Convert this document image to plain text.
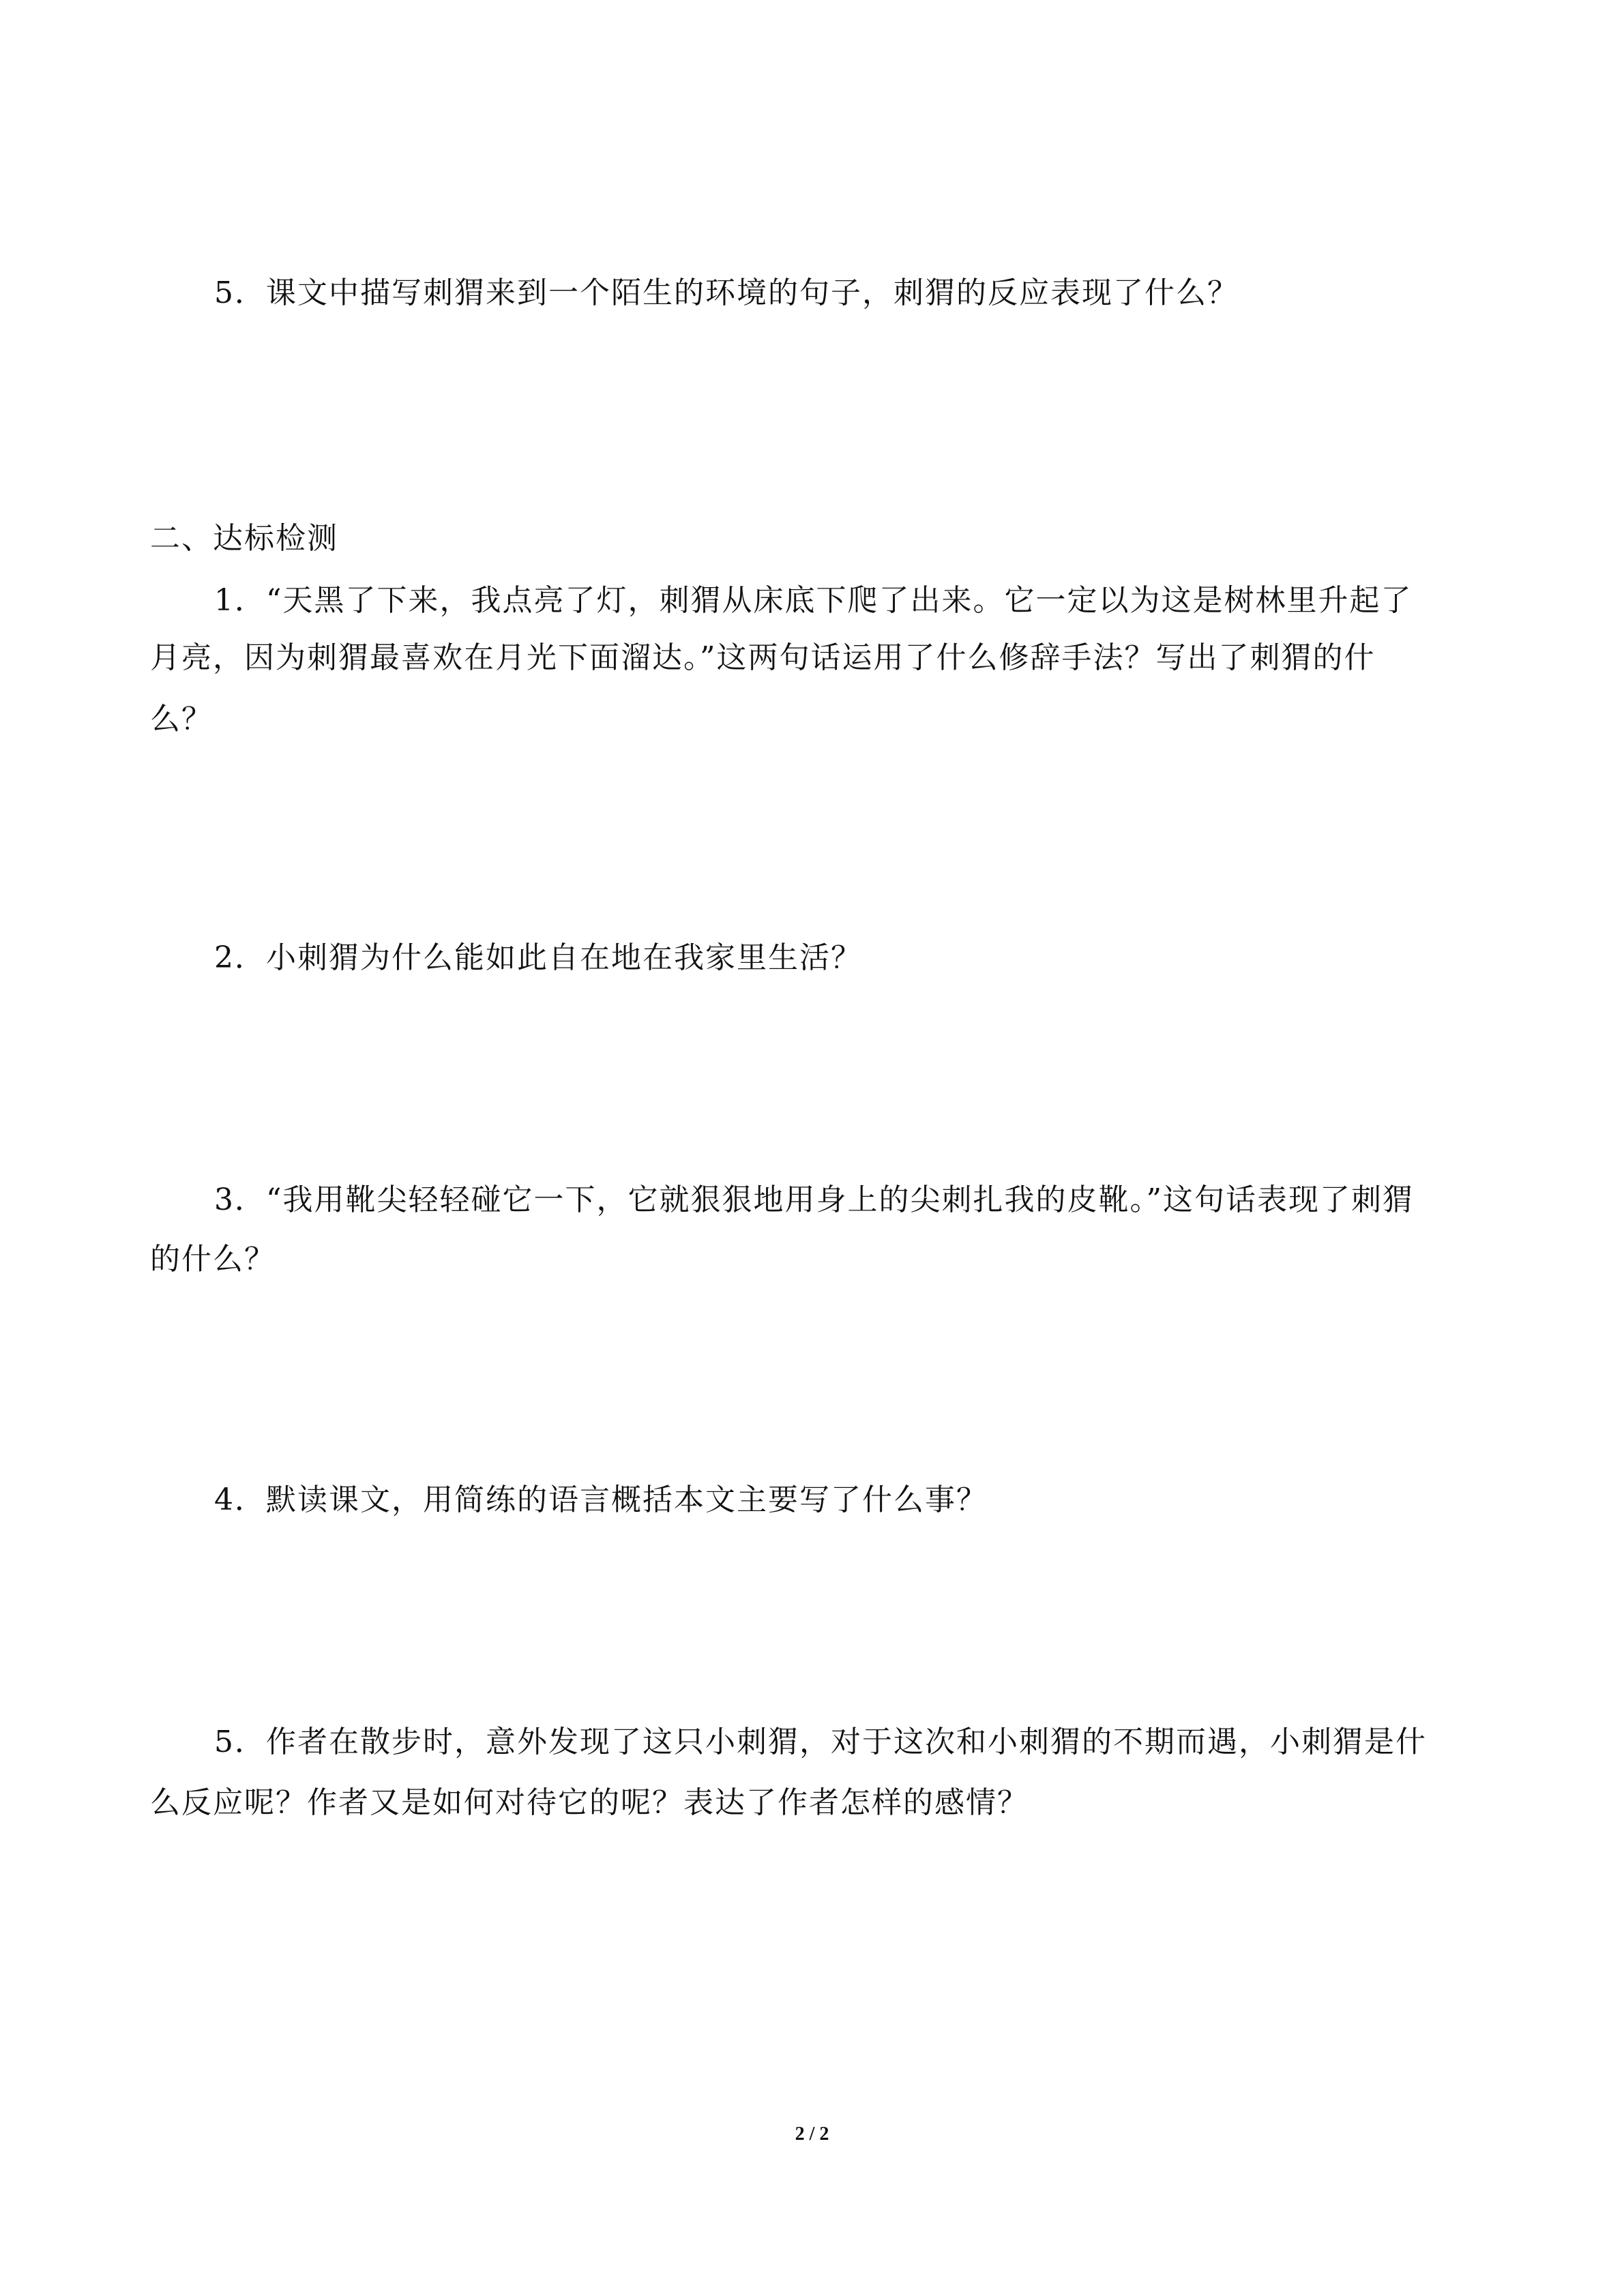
5．课文中描写刺猬来到一个陌生的环境的句子，刺猬的反应表现了什么？
二、达标检测
1．“天黑了下来，我点亮了灯，刺猬从床底下爬了出来。它一定以为这是树林里升起了
月亮，因为刺猬最喜欢在月光下面溜达。”这两句话运用了什么修辞手法？写出了刺猬的什
么？
2．小刺猬为什么能如此自在地在我家里生活？
3．“我用靴尖轻轻碰它一下，它就狠狠地用身上的尖刺扎我的皮靴。”这句话表现了刺猬
的什么？
4．默读课文，用简练的语言概括本文主要写了什么事？
5．作者在散步时，意外发现了这只小刺猬，对于这次和小刺猬的不期而遇，小刺猬是什
么反应呢？作者又是如何对待它的呢？表达了作者怎样的感情？
2 / 2
